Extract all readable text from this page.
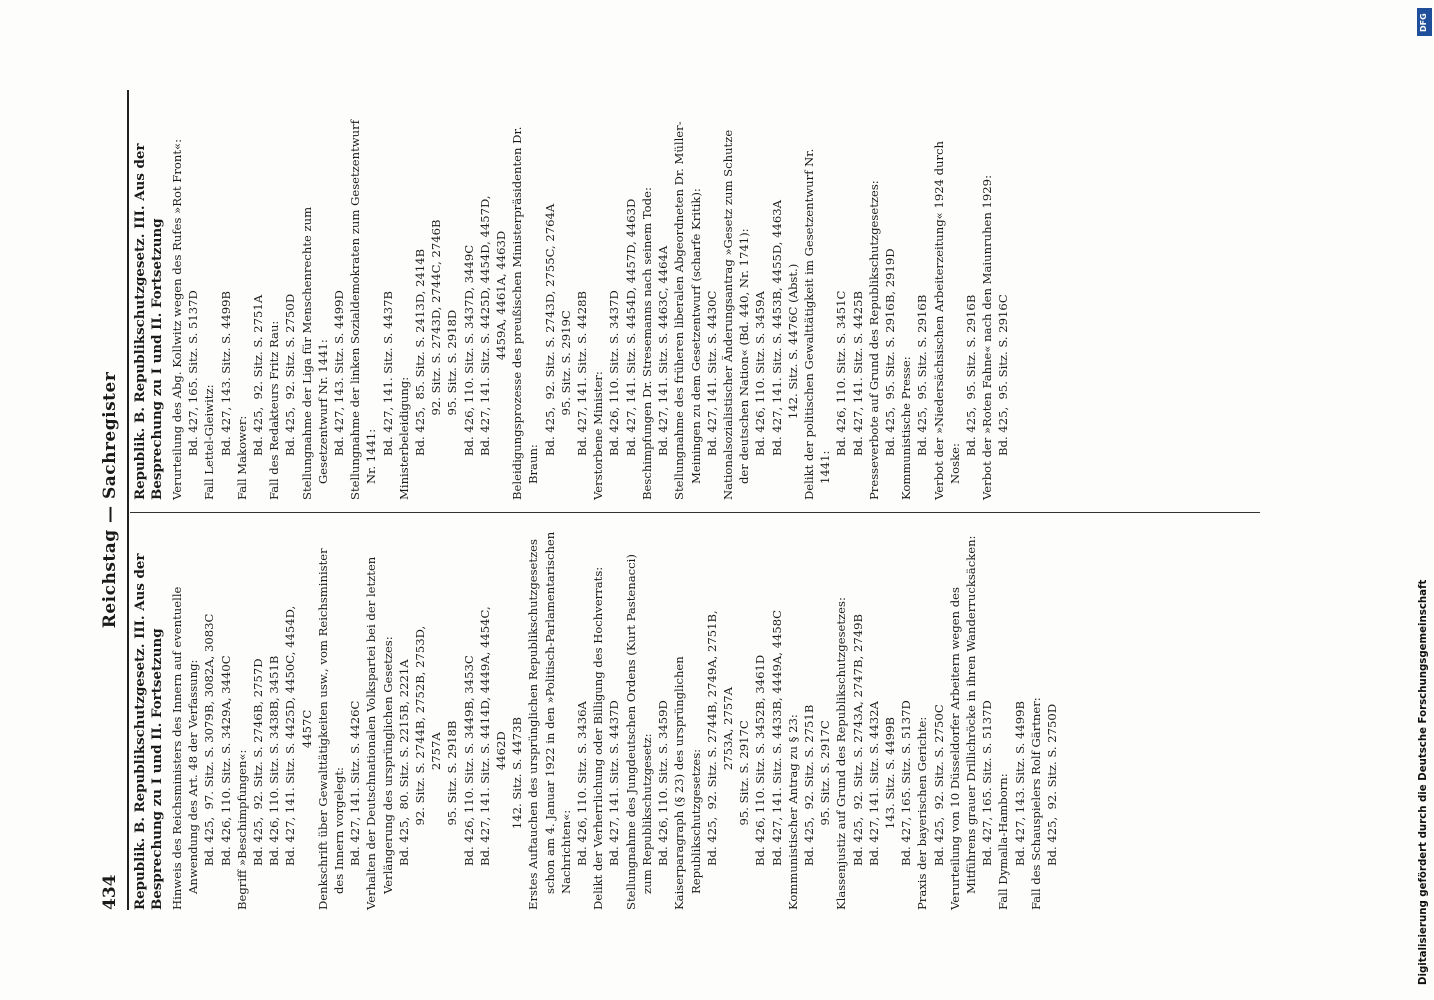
434
Reichstag — Sachregister
Republik. B. Republikschutzgesetz. III. Aus der Besprechung zu I und II. Fortsetzung Hinweis des Reichsministers des Innern auf eventuelle Anwendung des Art. 48 der Verfassung: Bd. 425,  97. Sitz. S. 3079B, 3082A, 3083C Bd. 426, 110. Sitz. S. 3429A, 3440C Begriff »Beschimpfungen«: Bd. 425,  92. Sitz. S. 2746B, 2757D Bd. 426, 110. Sitz. S. 3438B, 3451B Bd. 427, 141. Sitz. S. 4425D, 4450C, 4454D, 4457C Denkschrift über Gewalttätigkeiten usw., vom Reichsminister des Innern vorgelegt: Bd. 427, 141. Sitz. S. 4426C Verhalten der Deutschnationalen Volkspartei bei der letzten Verlängerung des ursprünglichen Gesetzes: Bd. 425,  80. Sitz. S. 2215B, 2221A 92. Sitz. S. 2744B, 2752B, 2753D, 2757A 95. Sitz. S. 2918B Bd. 426, 110. Sitz. S. 3449B, 3453C Bd. 427, 141. Sitz. S. 4414D, 4449A, 4454C, 4462D 142. Sitz. S. 4473B Erstes Auftauchen des ursprünglichen Republikschutzgesetzes schon am 4. Januar 1922 in den »Politisch-Parlamentarischen Nachrichten«: Bd. 426, 110. Sitz. S. 3436A Delikt der Verherrlichung oder Billigung des Hochverrats: Bd. 427, 141. Sitz. S. 4437D Stellungnahme des Jungdeutschen Ordens (Kurt Pastenacci) zum Republikschutzgesetz: Bd. 426, 110. Sitz. S. 3459D Kaiserparagraph (§ 23) des ursprünglichen Republikschutzgesetzes: Bd. 425,  92. Sitz. S. 2744B, 2749A, 2751B, 2753A, 2757A 95. Sitz. S. 2917C Bd. 426, 110. Sitz. S. 3452B, 3461D Bd. 427, 141. Sitz. S. 4433B, 4449A, 4458C Kommunistischer Antrag zu § 23: Bd. 425,  92. Sitz. S. 2751B 95. Sitz. S. 2917C Klassenjustiz auf Grund des Republikschutzgesetzes: Bd. 425,  92. Sitz. S. 2743A, 2747B, 2749B Bd. 427, 141. Sitz. S. 4432A 143. Sitz. S. 4499B Bd. 427, 165. Sitz. S. 5137D Praxis der bayerischen Gerichte: Bd. 425,  92. Sitz. S. 2750C Verurteilung von 10 Düsseldorfer Arbeitern wegen des Mitführens grauer Drillichröcke in ihren Wanderrucksäcken: Bd. 427, 165. Sitz. S. 5137D Fall Dymalla-Hamborn: Bd. 427, 143. Sitz. S. 4499B Fall des Schauspielers Rolf Gärtner: Bd. 425,  92. Sitz. S. 2750D
Republik. B. Republikschutzgesetz. III. Aus der Besprechung zu I und II. Fortsetzung Verurteilung des Abg. Kollwitz wegen des Rufes »Rot Front«: Bd. 427, 165. Sitz. S. 5137D Fall Lettel-Gleiwitz: Bd. 427, 143. Sitz. S. 4499B
Fall Makower:
Bd. 425,  92. Sitz. S. 2751A Fall des Redakteurs Fritz Rau: Bd. 425,  92. Sitz. S. 2750D Stellungnahme der Liga für Menschenrechte zum Gesetzentwurf Nr. 1441: Bd. 427, 143. Sitz. S. 4499D Stellungnahme der linken Sozialdemokraten zum Gesetzentwurf Nr. 1441:
Bd. 427, 141. Sitz. S. 4437B Ministerbeleidigung: Bd. 425,  85. Sitz. S. 2413D, 2414B 92. Sitz. S. 2743D, 2744C, 2746B 95. Sitz. S. 2918D Bd. 426, 110. Sitz. S. 3437D, 3449C Bd. 427, 141. Sitz. S. 4425D, 4454D, 4457D, 4459A, 4461A, 4463D Beleidigungsprozesse des preußischen Ministerpräsidenten Dr. Braun:
Bd. 425,  92. Sitz. S. 2743D, 2755C, 2764A 95. Sitz. S. 2919C Bd. 427, 141. Sitz. S. 4428B Verstorbene Minister: Bd. 426, 110. Sitz. S. 3437D Bd. 427, 141. Sitz. S. 4454D, 4457D, 4463D Beschimpfungen Dr. Stresemanns nach seinem Tode: Bd. 427, 141. Sitz. S. 4463C, 4464A Stellungnahme des früheren liberalen Abgeordneten Dr. Müller-Meiningen zu dem Gesetzentwurf (scharfe Kritik): Bd. 427, 141. Sitz. S. 4430C Nationalsozialistischer Änderungsantrag »Gesetz zum Schutze der deutschen Nation« (Bd. 440, Nr. 1741): Bd. 426, 110. Sitz. S. 3459A Bd. 427, 141. Sitz. S. 4453B, 4455D, 4463A 142. Sitz. S. 4476C (Abst.) Delikt der politischen Gewalttätigkeit im Gesetzentwurf Nr. 1441:
Bd. 426, 110. Sitz. S. 3451C Bd. 427, 141. Sitz. S. 4425B Presseverbote auf Grund des Republikschutzgesetzes: Bd. 425,  95. Sitz. S. 2916B, 2919D Kommunistische Presse: Bd. 425,  95. Sitz. S. 2916B Verbot der »Niedersächsischen Arbeiterzeitung« 1924 durch Noske:
Bd. 425,  95. Sitz. S. 2916B Verbot der »Roten Fahne« nach den Maiunruhen 1929: Bd. 425,  95. Sitz. S. 2916C
Digitalisierung gefördert durch die Deutsche Forschungsgemeinschaft
DFG
